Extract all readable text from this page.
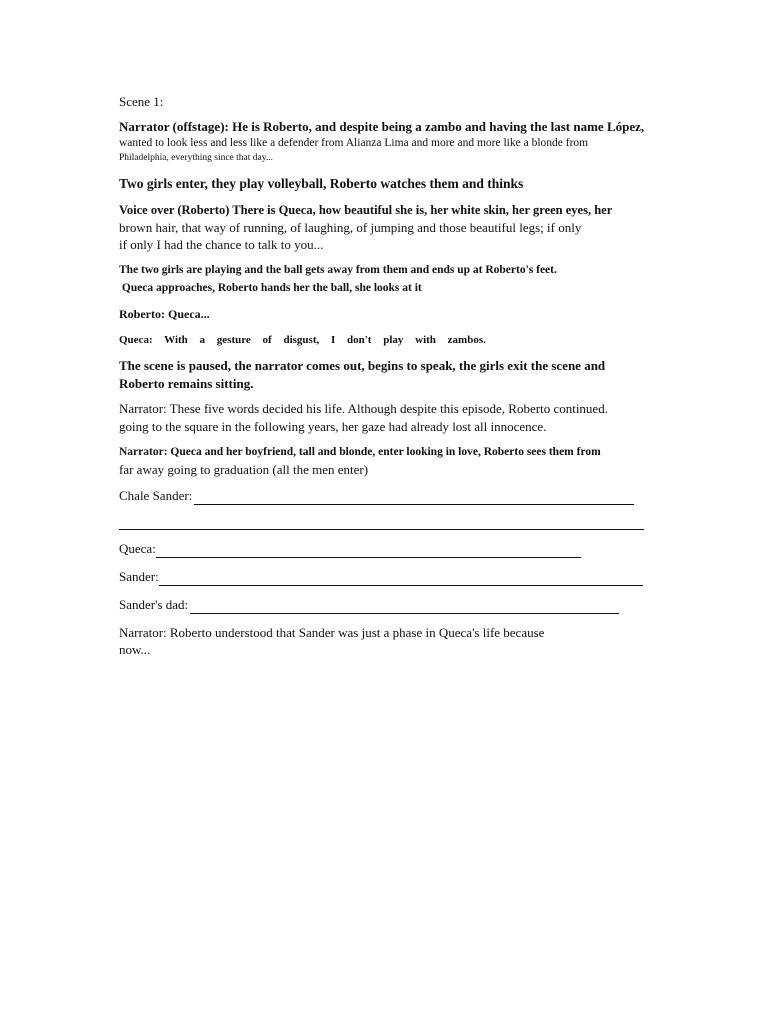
Scene 1:
Narrator (offstage): He is Roberto, and despite being a zambo and having the last name López,
wanted to look less and less like a defender from Alianza Lima and more and more like a blonde from
Philadelphia, everything since that day...
Two girls enter, they play volleyball, Roberto watches them and thinks
Voice over (Roberto) There is Queca, how beautiful she is, her white skin, her green eyes, her
brown hair, that way of running, of laughing, of jumping and those beautiful legs; if only
if only I had the chance to talk to you...
The two girls are playing and the ball gets away from them and ends up at Roberto's feet.
Queca approaches, Roberto hands her the ball, she looks at it
Roberto: Queca...
Queca: With a gesture of disgust, I don't play with zambos.
The scene is paused, the narrator comes out, begins to speak, the girls exit the scene and
Roberto remains sitting.
Narrator: These five words decided his life. Although despite this episode, Roberto continued.
going to the square in the following years, her gaze had already lost all innocence.
Narrator: Queca and her boyfriend, tall and blonde, enter looking in love, Roberto sees them from
far away going to graduation (all the men enter)
Chale Sander:
Queca:
Sander:
Sander's dad:
Narrator: Roberto understood that Sander was just a phase in Queca's life because
now...
